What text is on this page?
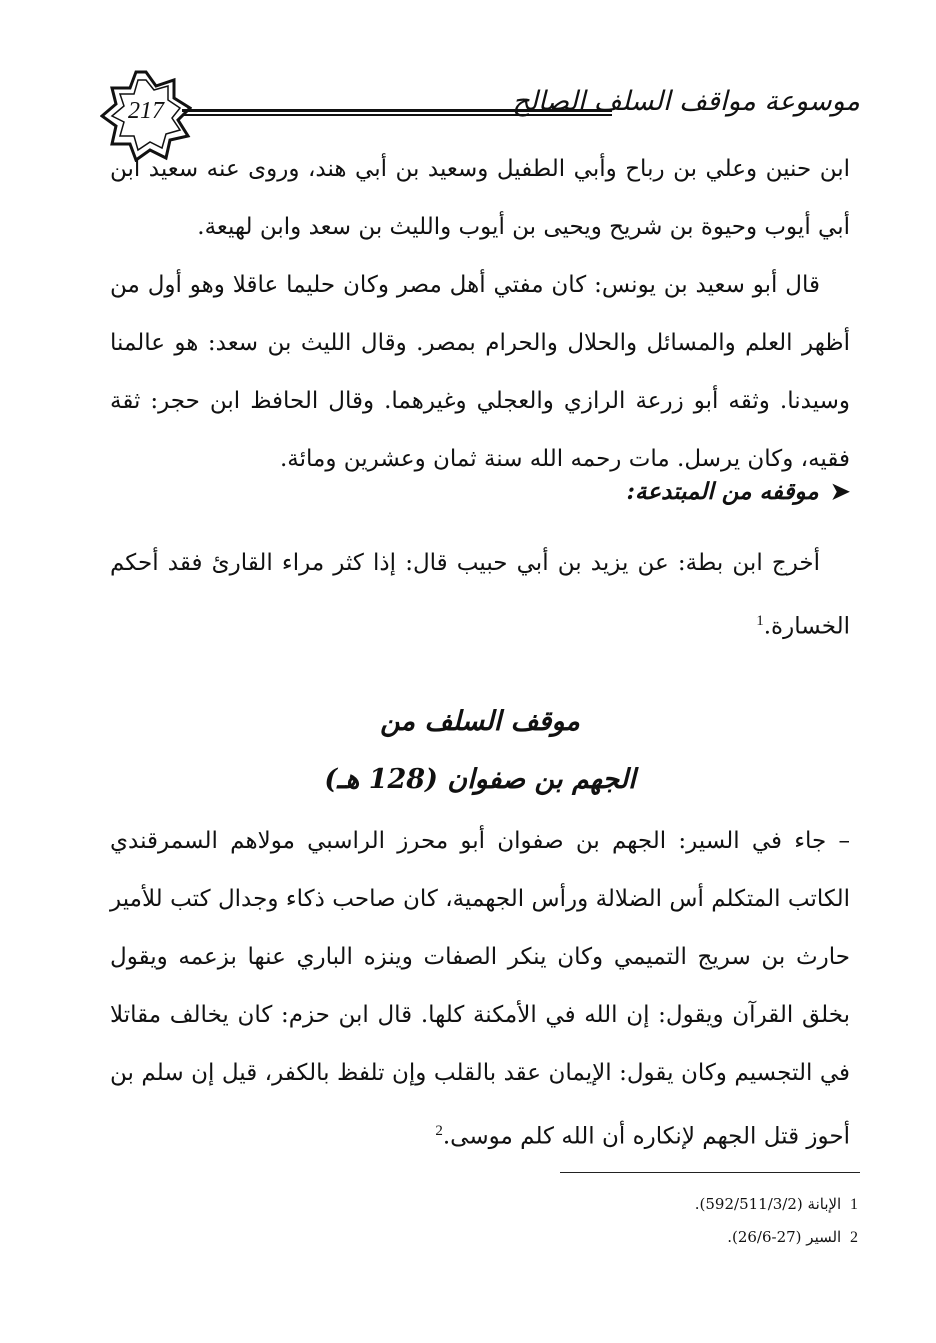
217	موسوعة مواقف السلف الصالح
ابن حنين وعلي بن رباح وأبي الطفيل وسعيد بن أبي هند، وروى عنه سعيد ابن أبي أيوب وحيوة بن شريح ويحيى بن أيوب والليث بن سعد وابن لهيعة.
قال أبو سعيد بن يونس: كان مفتي أهل مصر وكان حليما عاقلا وهو أول من أظهر العلم والمسائل والحلال والحرام بمصر. وقال الليث بن سعد: هو عالمنا وسيدنا. وثقه أبو زرعة الرازي والعجلي وغيرهما. وقال الحافظ ابن حجر: ثقة فقيه، وكان يرسل. مات رحمه الله سنة ثمان وعشرين ومائة.
➤موقفه من المبتدعة:
أخرج ابن بطة: عن يزيد بن أبي حبيب قال: إذا كثر مراء القارئ فقد أحكم الخسارة.$^1$
موقف السلف من
الجهم بن صفوان (128 هـ)
– جاء في السير: الجهم بن صفوان أبو محرز الراسبي مولاهم السمرقندي الكاتب المتكلم أس الضلالة ورأس الجهمية، كان صاحب ذكاء وجدال كتب للأمير حارث بن سريج التميمي وكان ينكر الصفات وينزه الباري عنها بزعمه ويقول بخلق القرآن ويقول: إن الله في الأمكنة كلها. قال ابن حزم: كان يخالف مقاتلا في التجسيم وكان يقول: الإيمان عقد بالقلب وإن تلفظ بالكفر، قيل إن سلم بن أحوز قتل الجهم لإنكاره أن الله كلم موسى.$^2$
1 الإبانة (592/511/3/2).
2 السير (27-26/6).
